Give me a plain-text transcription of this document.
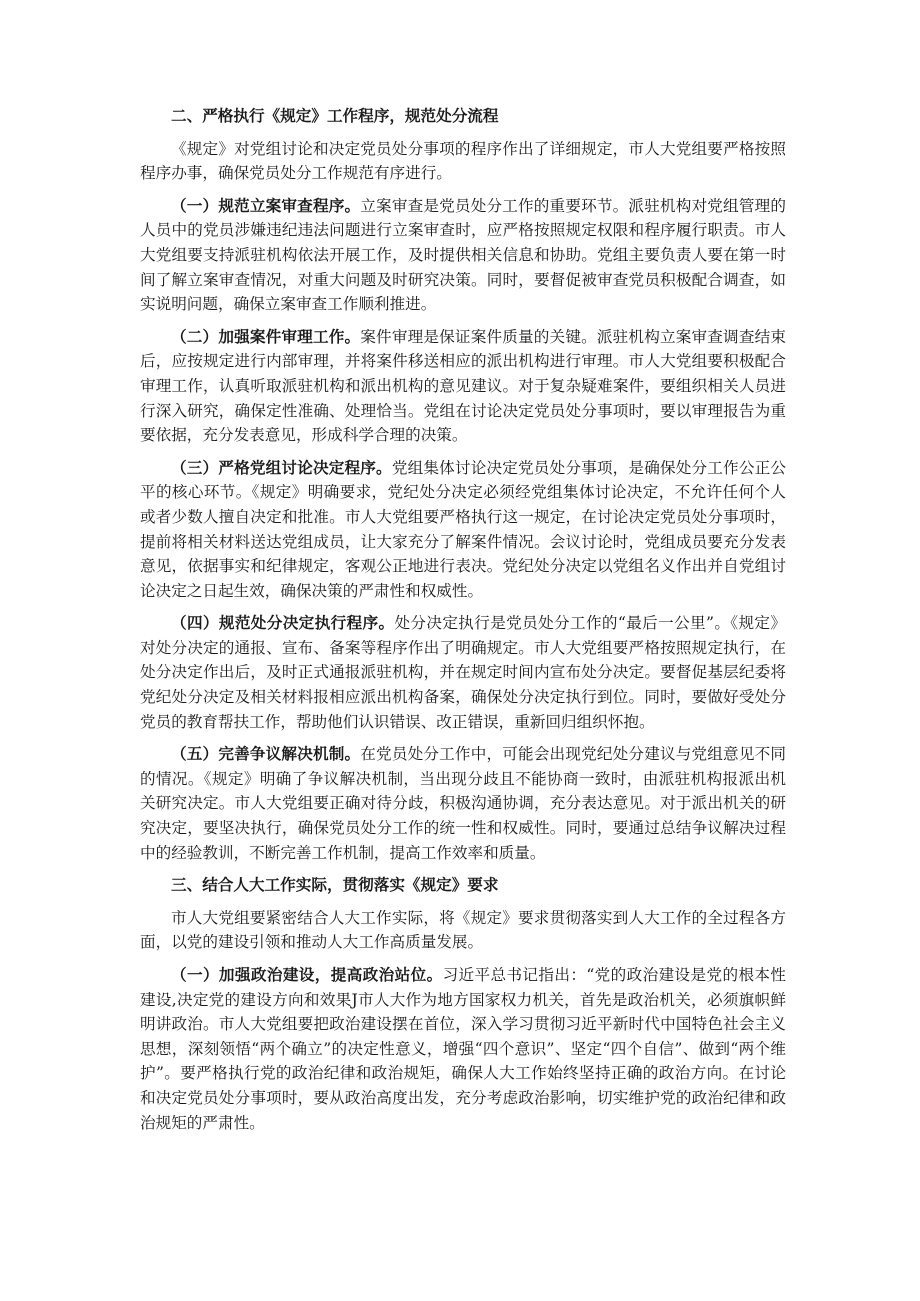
二、严格执行《规定》工作程序，规范处分流程

《规定》对党组讨论和决定党员处分事项的程序作出了详细规定，市人大党组要严格按照程序办事，确保党员处分工作规范有序进行。

（一）规范立案审查程序。立案审查是党员处分工作的重要环节。派驻机构对党组管理的人员中的党员涉嫌违纪违法问题进行立案审查时，应严格按照规定权限和程序履行职责。市人大党组要支持派驻机构依法开展工作，及时提供相关信息和协助。党组主要负责人要在第一时间了解立案审查情况，对重大问题及时研究决策。同时，要督促被审查党员积极配合调查，如实说明问题，确保立案审查工作顺利推进。

（二）加强案件审理工作。案件审理是保证案件质量的关键。派驻机构立案审查调查结束后，应按规定进行内部审理，并将案件移送相应的派出机构进行审理。市人大党组要积极配合审理工作，认真听取派驻机构和派出机构的意见建议。对于复杂疑难案件，要组织相关人员进行深入研究，确保定性准确、处理恰当。党组在讨论决定党员处分事项时，要以审理报告为重要依据，充分发表意见，形成科学合理的决策。

（三）严格党组讨论决定程序。党组集体讨论决定党员处分事项，是确保处分工作公正公平的核心环节。《规定》明确要求，党纪处分决定必须经党组集体讨论决定，不允许任何个人或者少数人擅自决定和批准。市人大党组要严格执行这一规定，在讨论决定党员处分事项时，提前将相关材料送达党组成员，让大家充分了解案件情况。会议讨论时，党组成员要充分发表意见，依据事实和纪律规定，客观公正地进行表决。党纪处分决定以党组名义作出并自党组讨论决定之日起生效，确保决策的严肃性和权威性。

（四）规范处分决定执行程序。处分决定执行是党员处分工作的“最后一公里”。《规定》对处分决定的通报、宣布、备案等程序作出了明确规定。市人大党组要严格按照规定执行，在处分决定作出后，及时正式通报派驻机构，并在规定时间内宣布处分决定。要督促基层纪委将党纪处分决定及相关材料报相应派出机构备案，确保处分决定执行到位。同时，要做好受处分党员的教育帮扶工作，帮助他们认识错误、改正错误，重新回归组织怀抱。

（五）完善争议解决机制。在党员处分工作中，可能会出现党纪处分建议与党组意见不同的情况。《规定》明确了争议解决机制，当出现分歧且不能协商一致时，由派驻机构报派出机关研究决定。市人大党组要正确对待分歧，积极沟通协调，充分表达意见。对于派出机关的研究决定，要坚决执行，确保党员处分工作的统一性和权威性。同时，要通过总结争议解决过程中的经验教训，不断完善工作机制，提高工作效率和质量。

三、结合人大工作实际，贯彻落实《规定》要求

市人大党组要紧密结合人大工作实际，将《规定》要求贯彻落实到人大工作的全过程各方面，以党的建设引领和推动人大工作高质量发展。

（一）加强政治建设，提高政治站位。习近平总书记指出：“党的政治建设是党的根本性建设,决定党的建设方向和效果J市人大作为地方国家权力机关，首先是政治机关，必须旗帜鲜明讲政治。市人大党组要把政治建设摆在首位，深入学习贯彻习近平新时代中国特色社会主义思想，深刻领悟“两个确立”的决定性意义，增强“四个意识”、坚定“四个自信”、做到“两个维护”。要严格执行党的政治纪律和政治规矩，确保人大工作始终坚持正确的政治方向。在讨论和决定党员处分事项时，要从政治高度出发，充分考虑政治影响，切实维护党的政治纪律和政治规矩的严肃性。
